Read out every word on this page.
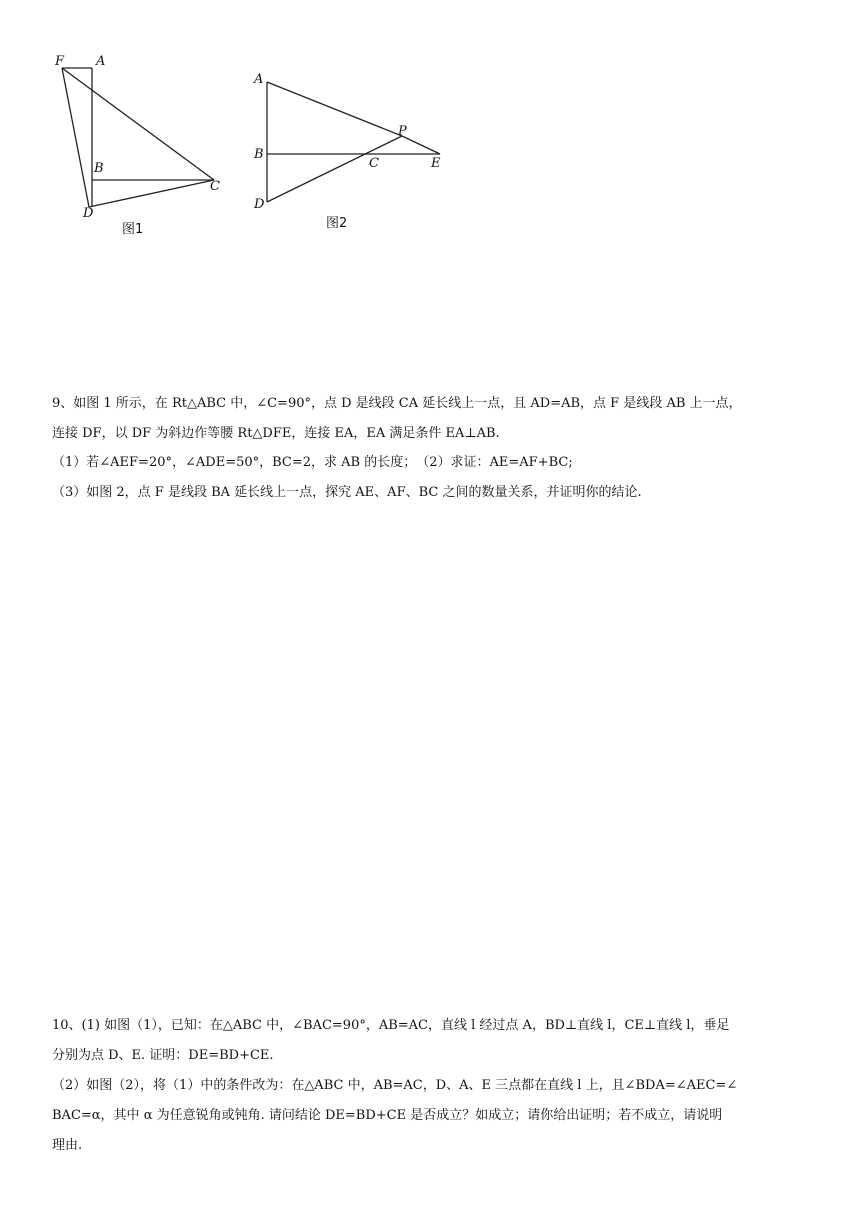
F A
B
C
D
图1
A
B
D
C
P
E
图2
9、如图 1 所示，在 Rt△ABC 中，∠C=90°，点 D 是线段 CA 延长线上一点，且 AD=AB，点 F 是线段 AB 上一点，
连接 DF，以 DF 为斜边作等腰 Rt△DFE，连接 EA，EA 满足条件 EA⊥AB.
（1）若∠AEF=20°，∠ADE=50°，BC=2，求 AB 的长度；　（2）求证：AE=AF+BC;
（3）如图 2，点 F 是线段 BA 延长线上一点，探究 AE、AF、BC 之间的数量关系，并证明你的结论.
10、(1) 如图（1），已知：在△ABC 中，∠BAC=90°，AB=AC，直线 l 经过点 A，BD⊥直线 l，CE⊥直线 l，垂足
分别为点 D、E. 证明：DE=BD+CE.
（2）如图（2），将（1）中的条件改为：在△ABC 中，AB=AC，D、A、E 三点都在直线 l 上，且∠BDA=∠AEC=∠
BAC=α，其中 α 为任意锐角或钝角. 请问结论 DE=BD+CE 是否成立？如成立；请你给出证明；若不成立，请说明
理由.
